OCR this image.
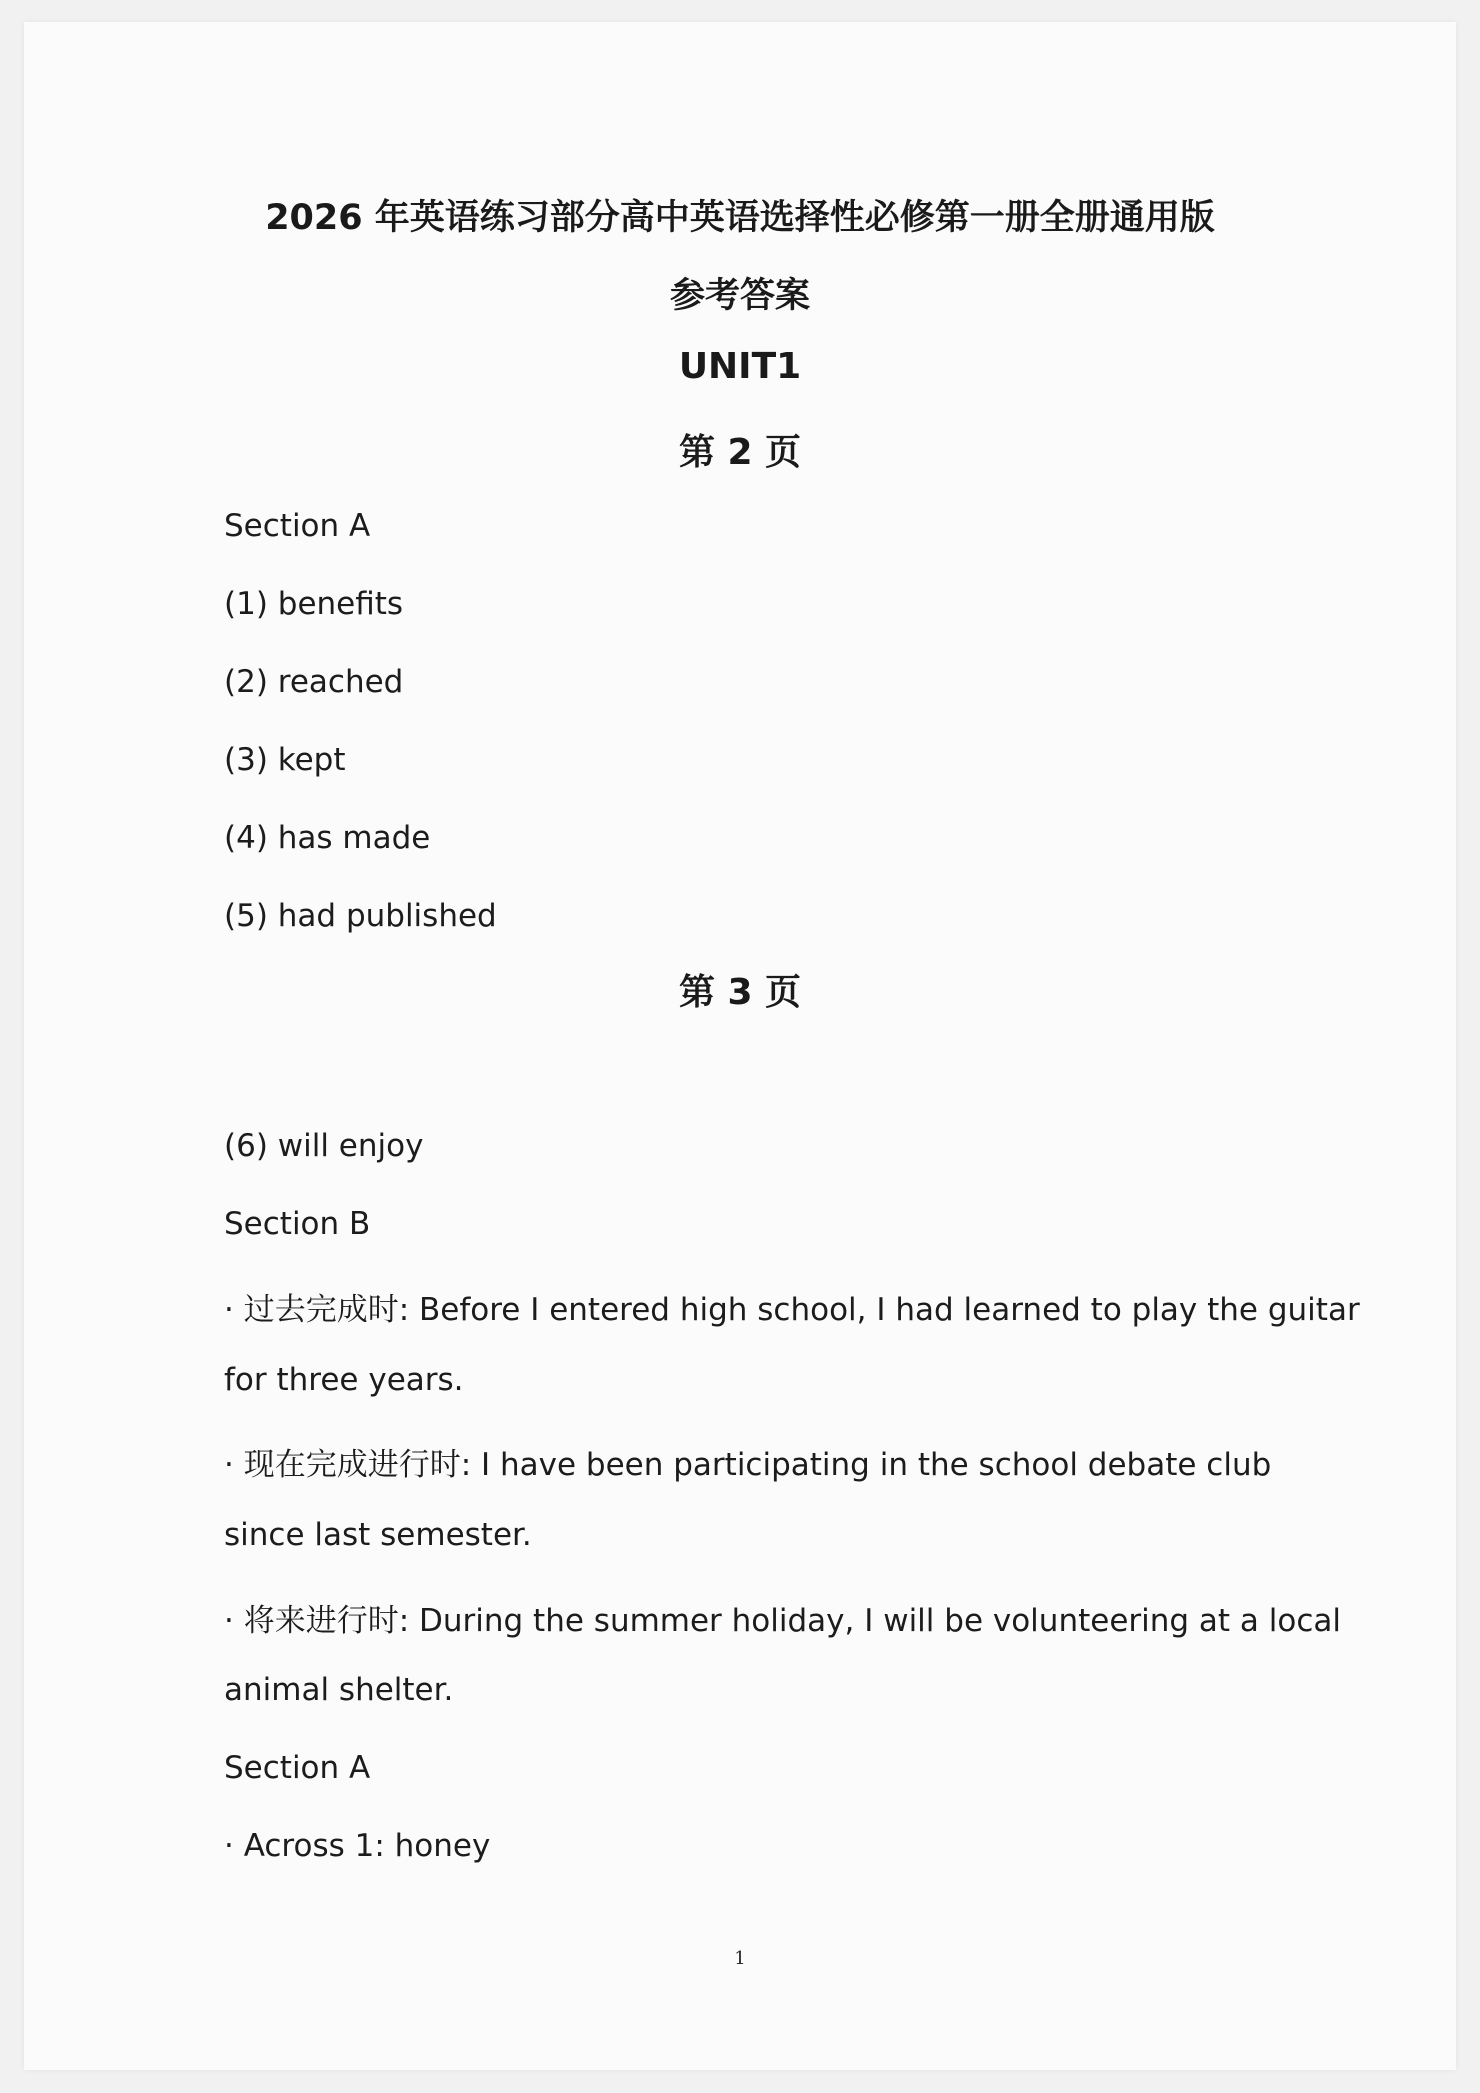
2026 年英语练习部分高中英语选择性必修第一册全册通用版
参考答案
UNIT1
第 2 页
Section A
(1) benefits
(2) reached
(3) kept
(4) has made
(5) had published
第 3 页
(6) will enjoy
Section B
· 过去完成时: Before I entered high school, I had learned to play the guitar
for three years.
· 现在完成进行时: I have been participating in the school debate club
since last semester.
· 将来进行时: During the summer holiday, I will be volunteering at a local
animal shelter.
Section A
· Across 1: honey
1
